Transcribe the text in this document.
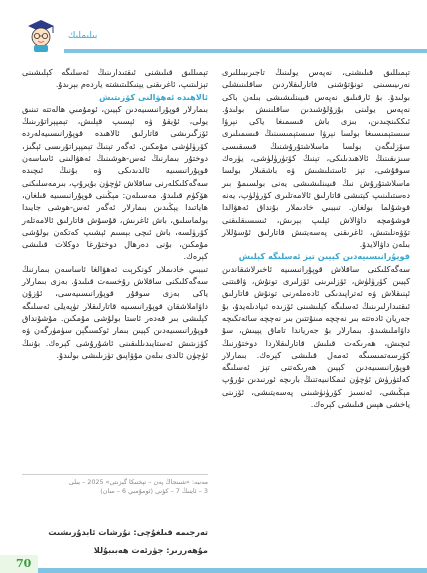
بىلىملىك

تېمىللىق قىلىشنى، نەپەس يولىنىڭ تاجىرىبىللىرى نەرىيىسىنى تونۇتۇشنى فاتارلىقلاردىن ساقلىنىشلى بولىدۇ. بۇ ئارقىلىق نەپەس قىيىنلىشىشى بىلەن باكى نەپەس يولىنى بۇزۇلۇشىدىن ساقلىنىش بولىدۇ. ئىككىنچىدىن، بىزى باش قىسمىغا ياكى نېرۋا سىستېمىسىغا بولسا نېرۋا سىستېمىسىنىڭ قىسمىلىرى سۆزلىگەن بولسا ماسلاشتۇرۇشنىڭ قىسقىسى سىزىقىنىڭ ئالاھىدىلىكى، تېنىڭ كۆتۈرۈلۈشى، يۈرەك سوقۇشى، تېز ئاستىلىشىش ۋە باشقىلار بولسا ماسلاشتۇرۇش نىڭ قىيىنلىشىشى يەنى بولسىمۇ بىر دەستىلىنىپ كېتىشى قاتارلىق ئالامەتلىرى كۆرۈلۈپ، يەنە قوشۇلما بولغان. تىببىي خادىملار بۇنداق ئەھۋالدا قوشۇمچە داۋالاش ئېلىپ بېرىش، ئىسسىقلىقنى تۆۋەنلىتىش، ئاغرىقنى پەسەيتىش قاتارلىق ئۇسۇللار بىلەن داۋالايدۇ.

قوپۇرانىسىيەدىن كېيىن تېز ئەسلىگە كېلىش

سەگەكلىكنى ساقلاش قوپۇرانىسىيە ئاخىرلاشقاندىن كېيىن كۆرۈلۈش، ئۆزلىرىنى ئۆزلىرى تونۇش، ۋاقىتنى ئېنىقلاش ۋە ئەتراپىدىكى ئادەملەرنى تونۇش قاتارلىق ئىقتىدارلىرىنىڭ ئەسلىگە كېلىشىنى ئۆزىدە ئىپادىلەيدۇ، بۇ جەريان ئادەتتە بىر نەچچە مىنۇتتىن بىر نەچچە سائەتكىچە داۋاملىشىدۇ. بىمارلار بۇ جەرياندا تاماق يېيىش، سۇ ئىچىش، ھەرىكەت قىلىش قاتارلىقلاردا دوختۇرنىڭ كۆرسەتمىسىگە ئەمەل قىلىشى كېرەك. بىمارلار قوپۇرانىسىيەدىن كېيىن ھەرىكەتنى تېز ئەسلىگە كەلتۈرۈش ئۈچۈن ئىمكانىيەتنىڭ بارىچە ئورنىدىن تۇرۇپ مېڭىشى، ئەنسىز كۆرۈنۈشىنى پەسەيتىشى، ئۆزىنى ياخشى ھېس قىلىشى كېرەك.

تېمىللىق قىلىشنى ئىقتىدارىنىڭ ئەسلىگە كېلىشىنى تېزلىتىپ، ئاغرىقنى يېنىكلىتىشتە ياردەم بېرىدۇ.

ئالاھىدە ئەھۋالنى كۆزىتىش

بىمارلار قوپۇرانىسىيەدىن كېيىن، ئومۇمىي ھالەتتە تىنىق يولى، ئۇيقۇ ۋە ئېسىپ قېلىش، تېمپېراتۇرىنىڭ ئۆزگىرىشى قاتارلىق ئالاھىدە قوپۇرانىسىيەلەردە كۆرۈلۈشى مۇمكىن. ئەگەر تېنىڭ تېمپېراتۇرىسى ئېگىز، دوختۇر بىمارنىڭ ئەس-ھوشىنىڭ ئەھۋالىنى ئاساسەن قوپۇرانىسىيە ئالدىدىكى ۋە بۇنىڭ ئىچىدە سەگەكلىكلەرنى ساقلاش ئۈچۈن بۇيرۇپ، بىرمەسلىكنى ھۆكۈم قىلىدۇ. مەسىلەن: مېڭىنى قوپۇرانىسىيە قىلغان، ھاياتىدا يېڭىدىن بىمارلار ئەگەر ئەس-ھوشى جايىدا بولماسلىق، باش ئاغرىش، قۇسۇش قاتارلىق ئالامەتلەر كۆرۈلسە، باش ئىچى بېسىم ئېشىپ كەتكەن بولۇشى مۇمكىن، بۇنى دەرھال دوختۇرغا دوكلات قىلىشى كېرەك.

تىببىي خادىملار كونكرېت ئەھۋالغا ئاساسەن بىمارنىڭ سەگەكلىكنى ساقلاش رۇخسەت قىلىدۇ. بەزى بىمارلار ياكى بەزى سوقۇر قوپۇرانىسىيەسى، ئۇزۇن داۋاملاشقان قوپۇرانىسىيە قاتارلىقلار تۈپەيلى ئەسلىگە كېلىشى بىر قەدەر ئاستا بولۇشى مۇمكىن. مۇشۇنداق قوپۇرانىسىيەدىن كېيىن بىمار ئوكسىگېن سۈمۈرگەن ۋە كۆزىتىش ئەستايىدىللىقىنى ئاشۇرۇشى كېرەك. بۇنىڭ ئۈچۈن ئالدى بىلەن مۇۋاپىق تۈزىلىشى بولىدۇ.

مەنبە: «شىنجاڭ پەن – تېخنىكا گېزىتى» 2025 – يىلى
3 – ئاينىڭ 7 – كۈنى (ئومۇمىي 6 – سان)
تەرجىمە قىلغۇچى: نۇرشات ئابدۇرىشىت
مۇھەررىر: جۈرئەت ھەبىبۇللا
70
